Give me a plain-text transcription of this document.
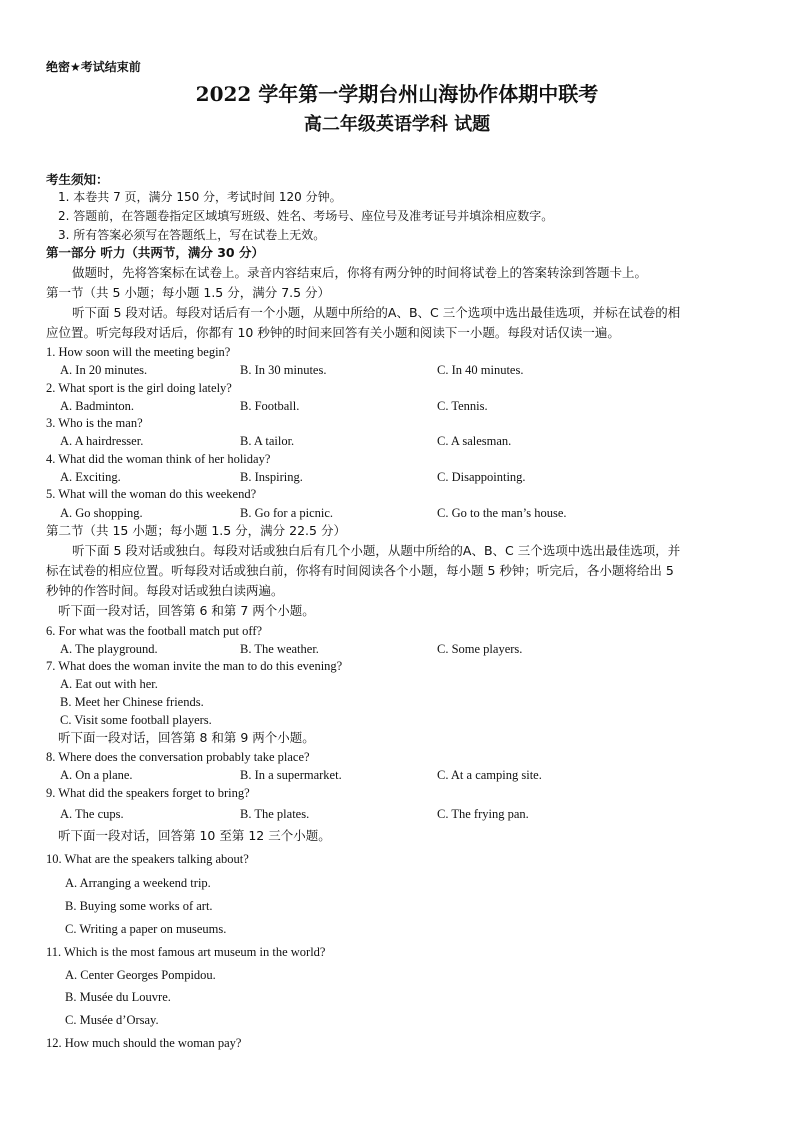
绝密★考试结束前
2022 学年第一学期台州山海协作体期中联考
高二年级英语学科 试题
考生须知：
1. 本卷共 7 页，满分 150 分，考试时间 120 分钟。
2. 答题前，在答题卷指定区域填写班级、姓名、考场号、座位号及准考证号并填涂相应数字。
3. 所有答案必须写在答题纸上，写在试卷上无效。
第一部分 听力（共两节，满分 30 分）
做题时，先将答案标在试卷上。录音内容结束后，你将有两分钟的时间将试卷上的答案转涂到答题卡上。
第一节（共 5 小题；每小题 1.5 分，满分 7.5 分）
听下面 5 段对话。每段对话后有一个小题，从题中所给的A、B、C 三个选项中选出最佳选项，并标在试卷的相
应位置。听完每段对话后，你都有 10 秒钟的时间来回答有关小题和阅读下一小题。每段对话仅读一遍。
1. How soon will the meeting begin?
A. In 20 minutes.	B. In 30 minutes.	C. In 40 minutes.
2. What sport is the girl doing lately?
A. Badminton.	B. Football.	C. Tennis.
3. Who is the man?
A. A hairdresser.	B. A tailor.	C. A salesman.
4. What did the woman think of her holiday?
A. Exciting.	B. Inspiring.	C. Disappointing.
5. What will the woman do this weekend?
A. Go shopping.	B. Go for a picnic.	C. Go to the man’s house.
第二节（共 15 小题；每小题 1.5 分，满分 22.5 分）
听下面 5 段对话或独白。每段对话或独白后有几个小题，从题中所给的A、B、C 三个选项中选出最佳选项，并
标在试卷的相应位置。听每段对话或独白前，你将有时间阅读各个小题，每小题 5 秒钟；听完后，各小题将给出 5
秒钟的作答时间。每段对话或独白读两遍。
听下面一段对话，回答第 6 和第 7 两个小题。
6. For what was the football match put off?
A. The playground.	B. The weather.	C. Some players.
7. What does the woman invite the man to do this evening?
A. Eat out with her.
B. Meet her Chinese friends.
C. Visit some football players.
听下面一段对话，回答第 8 和第 9 两个小题。
8. Where does the conversation probably take place?
A. On a plane.	B. In a supermarket.	C. At a camping site.
9. What did the speakers forget to bring?
A. The cups.	B. The plates.	C. The frying pan.
听下面一段对话，回答第 10 至第 12 三个小题。
10. What are the speakers talking about?
A. Arranging a weekend trip.
B. Buying some works of art.
C. Writing a paper on museums.
11. Which is the most famous art museum in the world?
A. Center Georges Pompidou.
B. Musée du Louvre.
C. Musée d’Orsay.
12. How much should the woman pay?
